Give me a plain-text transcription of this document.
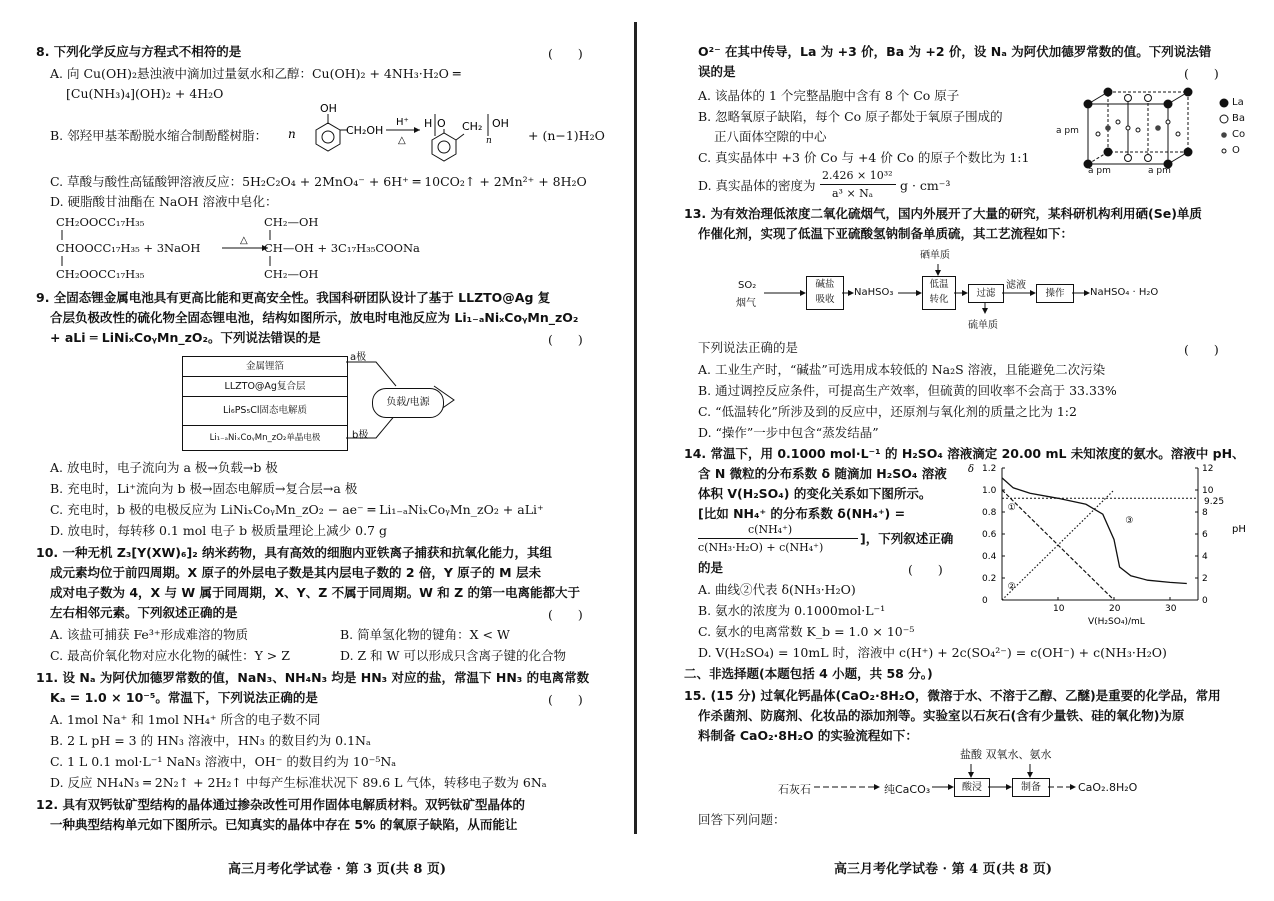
8. 下列化学反应与方程式不相符的是	(　　)
A. 向 Cu(OH)₂悬浊液中滴加过量氨水和乙醇：Cu(OH)₂ + 4NH₃·H₂O ═
[Cu(NH₃)₄](OH)₂ + 4H₂O
B. 邻羟甲基苯酚脱水缩合制酚醛树脂： n
OH
CH₂OH
H⁺
△
H O CH₂
n
OH
+ (n−1)H₂O
C. 草酸与酸性高锰酸钾溶液反应：5H₂C₂O₄ + 2MnO₄⁻ + 6H⁺ ═ 10CO₂↑ + 2Mn²⁺ + 8H₂O
D. 硬脂酸甘油酯在 NaOH 溶液中皂化：
CH₂OOCC₁₇H₃₅
CHOOCC₁₇H₃₅ + 3NaOH
CH₂OOCC₁₇H₃₅
△
CH₂—OH
CH—OH + 3C₁₇H₃₅COONa
CH₂—OH
9. 全固态锂金属电池具有更高比能和更高安全性。我国科研团队设计了基于 LLZTO@Ag 复
合层负极改性的硫化物全固态锂电池，结构如图所示，放电时电池反应为 Li₁₋ₐNiₓCoᵧMn_zO₂
+ aLi ═ LiNiₓCoᵧMn_zO₂。下列说法错误的是	(　　)
金属锂箔
LLZTO@Ag复合层
Li₆PS₅Cl固态电解质
Li₁₋ₐNiₓCoᵧMn_zO₂单晶电极
a极
b极
负载/电源
A. 放电时，电子流向为 a 极→负载→b 极
B. 充电时，Li⁺流向为 b 极→固态电解质→复合层→a 极
C. 充电时，b 极的电极反应为 LiNiₓCoᵧMn_zO₂ − ae⁻ ═ Li₁₋ₐNiₓCoᵧMn_zO₂ + aLi⁺
D. 放电时，每转移 0.1 mol 电子 b 极质量理论上减少 0.7 g
10. 一种无机 Z₃[Y(XW)₆]₂ 纳米药物，具有高效的细胞内亚铁离子捕获和抗氧化能力，其组
成元素均位于前四周期。X 原子的外层电子数是其内层电子数的 2 倍，Y 原子的 M 层未
成对电子数为 4，X 与 W 属于同周期，X、Y、Z 不属于同周期。W 和 Z 的第一电离能都大于
左右相邻元素。下列叙述正确的是	(　　)
A. 该盐可捕获 Fe³⁺形成难溶的物质	B. 简单氢化物的键角：X < W
C. 最高价氧化物对应水化物的碱性：Y > Z	D. Z 和 W 可以形成只含离子键的化合物
11. 设 Nₐ 为阿伏加德罗常数的值，NaN₃、NH₄N₃ 均是 HN₃ 对应的盐，常温下 HN₃ 的电离常数
Kₐ = 1.0 × 10⁻⁵。常温下，下列说法正确的是	(　　)
A. 1mol Na⁺ 和 1mol NH₄⁺ 所含的电子数不同
B. 2 L pH = 3 的 HN₃ 溶液中，HN₃ 的数目约为 0.1Nₐ
C. 1 L 0.1 mol·L⁻¹ NaN₃ 溶液中，OH⁻ 的数目约为 10⁻⁵Nₐ
D. 反应 NH₄N₃ ═ 2N₂↑ + 2H₂↑ 中每产生标准状况下 89.6 L 气体，转移电子数为 6Nₐ
12. 具有双钙钛矿型结构的晶体通过掺杂改性可用作固体电解质材料。双钙钛矿型晶体的
一种典型结构单元如下图所示。已知真实的晶体中存在 5% 的氧原子缺陷，从而能让
高三月考化学试卷 · 第 3 页(共 8 页)
O²⁻ 在其中传导，La 为 +3 价，Ba 为 +2 价，设 Nₐ 为阿伏加德罗常数的值。下列说法错
误的是	(　　)
A. 该晶体的 1 个完整晶胞中含有 8 个 Co 原子
B. 忽略氧原子缺陷，每个 Co 原子都处于氧原子围成的
正八面体空隙的中心
C. 真实晶体中 +3 价 Co 与 +4 价 Co 的原子个数比为 1:1
D. 真实晶体的密度为
2.426 × 10³²
a³ × Nₐ
g · cm⁻³
a pm
a pm	a pm
La
Ba
Co
O
13. 为有效治理低浓度二氧化硫烟气，国内外展开了大量的研究，某科研机构利用硒(Se)单质
作催化剂，实现了低温下亚硫酸氢钠制备单质硫，其工艺流程如下：
SO₂
烟气
碱盐
吸收
NaHSO₃
硒单质
低温
转化
过滤
滤液
操作	NaHSO₄ · H₂O
硫单质
下列说法正确的是	(　　)
A. 工业生产时，“碱盐”可选用成本较低的 Na₂S 溶液，且能避免二次污染
B. 通过调控反应条件，可提高生产效率，但硫黄的回收率不会高于 33.33%
C. “低温转化”所涉及到的反应中，还原剂与氧化剂的质量之比为 1:2
D. “操作”一步中包含“蒸发结晶”
14. 常温下，用 0.1000 mol·L⁻¹ 的 H₂SO₄ 溶液滴定 20.00 mL 未知浓度的氨水。溶液中 pH、
含 N 微粒的分布系数 δ 随滴加 H₂SO₄ 溶液
体积 V(H₂SO₄) 的变化关系如下图所示。
[比如 NH₄⁺ 的分布系数 δ(NH₄⁺) =
c(NH₄⁺)
c(NH₃·H₂O) + c(NH₄⁺)
]，下列叙述正确
的是	(　　)
A. 曲线②代表 δ(NH₃·H₂O)
B. 氨水的浓度为 0.1000mol·L⁻¹
C. 氨水的电离常数 K_b = 1.0 × 10⁻⁵
D. V(H₂SO₄) = 10mL 时，溶液中 c(H⁺) + 2c(SO₄²⁻) = c(OH⁻) + c(NH₃·H₂O)
10	20	30
0
0.2
0.4
0.6
0.8
1.0
1.2
0
2
4
6
8
10
12
δ
pH
9.25
V(H₂SO₄)/mL
①
②
③
二、非选择题(本题包括 4 小题，共 58 分。)
15. (15 分) 过氧化钙晶体(CaO₂·8H₂O，微溶于水、不溶于乙醇、乙醚)是重要的化学品，常用
作杀菌剂、防腐剂、化妆品的添加剂等。实验室以石灰石(含有少量铁、硅的氧化物)为原
料制备 CaO₂·8H₂O 的实验流程如下：
盐酸 双氧水、氨水
石灰石	纯CaCO₃	酸浸	制备	CaO₂.8H₂O
回答下列问题：
高三月考化学试卷 · 第 4 页(共 8 页)
